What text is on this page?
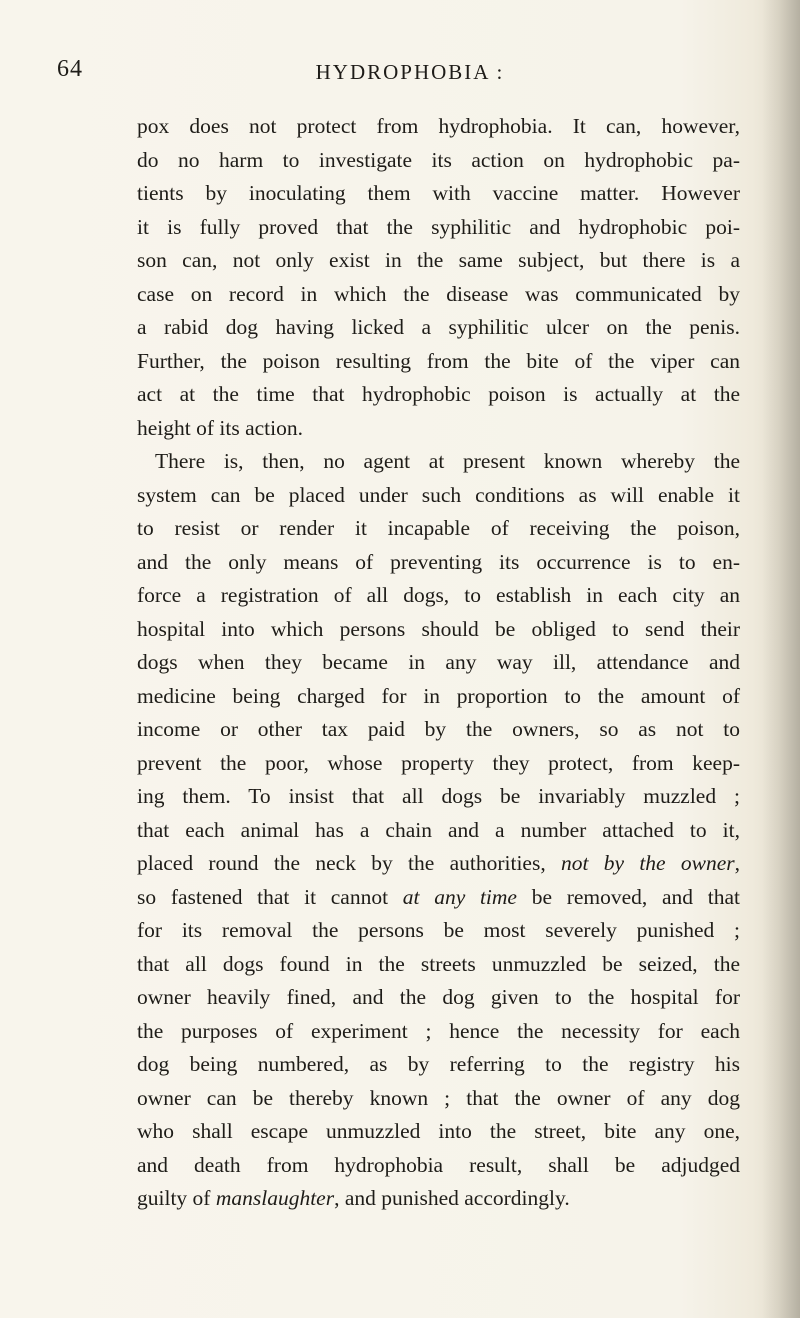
64	HYDROPHOBIA :
pox does not protect from hydrophobia. It can, however,
do no harm to investigate its action on hydrophobic pa-
tients by inoculating them with vaccine matter. However
it is fully proved that the syphilitic and hydrophobic poi-
son can, not only exist in the same subject, but there is a
case on record in which the disease was communicated by
a rabid dog having licked a syphilitic ulcer on the penis.
Further, the poison resulting from the bite of the viper can
act at the time that hydrophobic poison is actually at the
height of its action.
There is, then, no agent at present known whereby the
system can be placed under such conditions as will enable it
to resist or render it incapable of receiving the poison,
and the only means of preventing its occurrence is to en-
force a registration of all dogs, to establish in each city an
hospital into which persons should be obliged to send their
dogs when they became in any way ill, attendance and
medicine being charged for in proportion to the amount of
income or other tax paid by the owners, so as not to
prevent the poor, whose property they protect, from keep-
ing them. To insist that all dogs be invariably muzzled ;
that each animal has a chain and a number attached to it,
placed round the neck by the authorities, not by the owner,
so fastened that it cannot at any time be removed, and that
for its removal the persons be most severely punished ;
that all dogs found in the streets unmuzzled be seized, the
owner heavily fined, and the dog given to the hospital for
the purposes of experiment ; hence the necessity for each
dog being numbered, as by referring to the registry his
owner can be thereby known ; that the owner of any dog
who shall escape unmuzzled into the street, bite any one,
and death from hydrophobia result, shall be adjudged
guilty of manslaughter, and punished accordingly.
